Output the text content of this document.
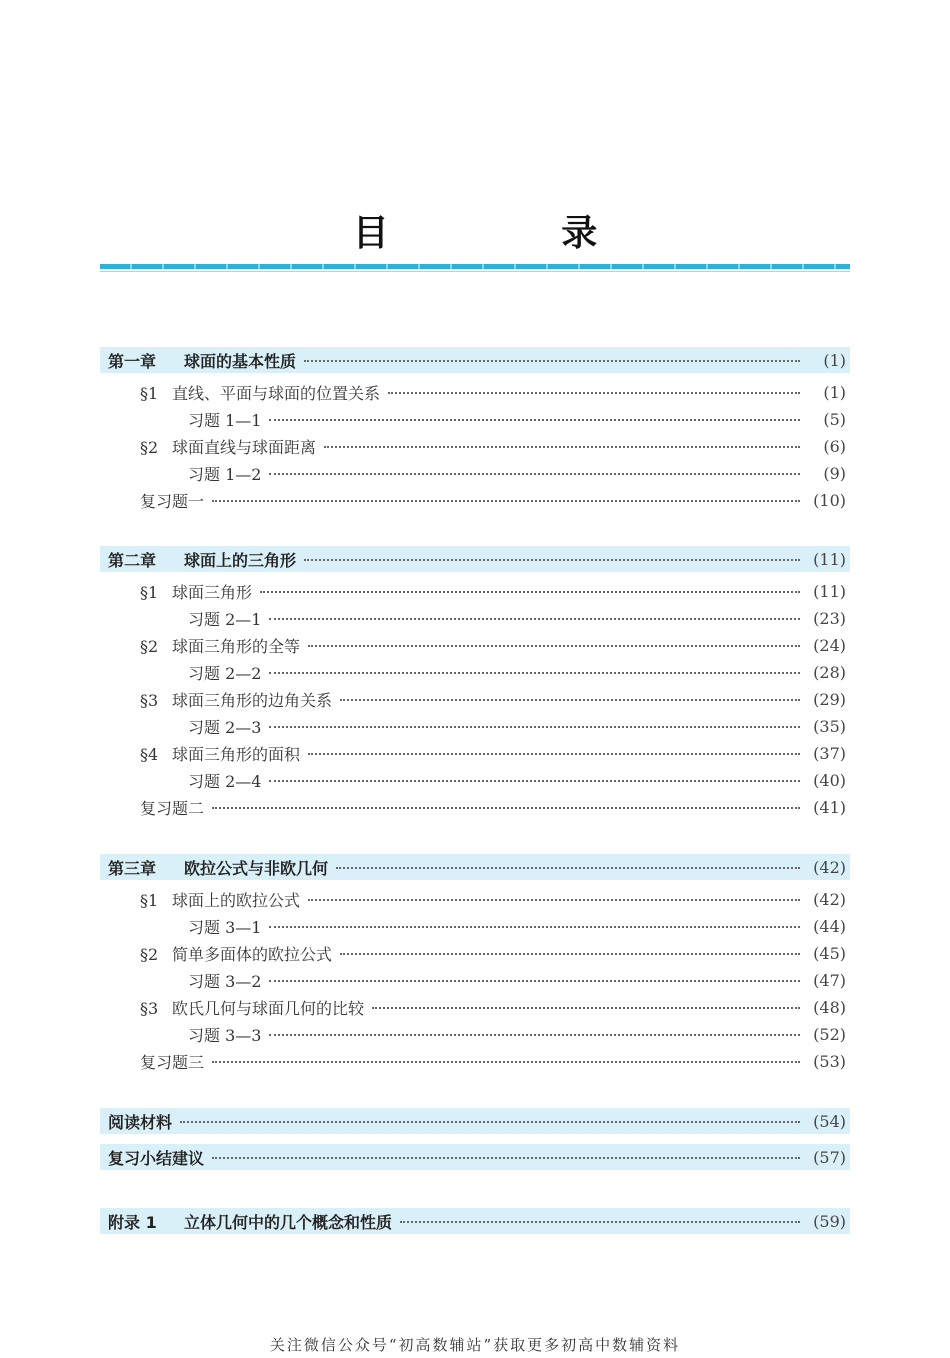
目 录
第一章 球面的基本性质	(1)
§1 直线、平面与球面的位置关系	(1)
习题 1—1	(5)
§2 球面直线与球面距离	(6)
习题 1—2	(9)
复习题一	(10)
第二章 球面上的三角形	(11)
§1 球面三角形	(11)
习题 2—1	(23)
§2 球面三角形的全等	(24)
习题 2—2	(28)
§3 球面三角形的边角关系	(29)
习题 2—3	(35)
§4 球面三角形的面积	(37)
习题 2—4	(40)
复习题二	(41)
第三章 欧拉公式与非欧几何	(42)
§1 球面上的欧拉公式	(42)
习题 3—1	(44)
§2 简单多面体的欧拉公式	(45)
习题 3—2	(47)
§3 欧氏几何与球面几何的比较	(48)
习题 3—3	(52)
复习题三	(53)
阅读材料	(54)
复习小结建议	(57)
附录 1 立体几何中的几个概念和性质	(59)
关注微信公众号“初高数辅站”获取更多初高中数辅资料
